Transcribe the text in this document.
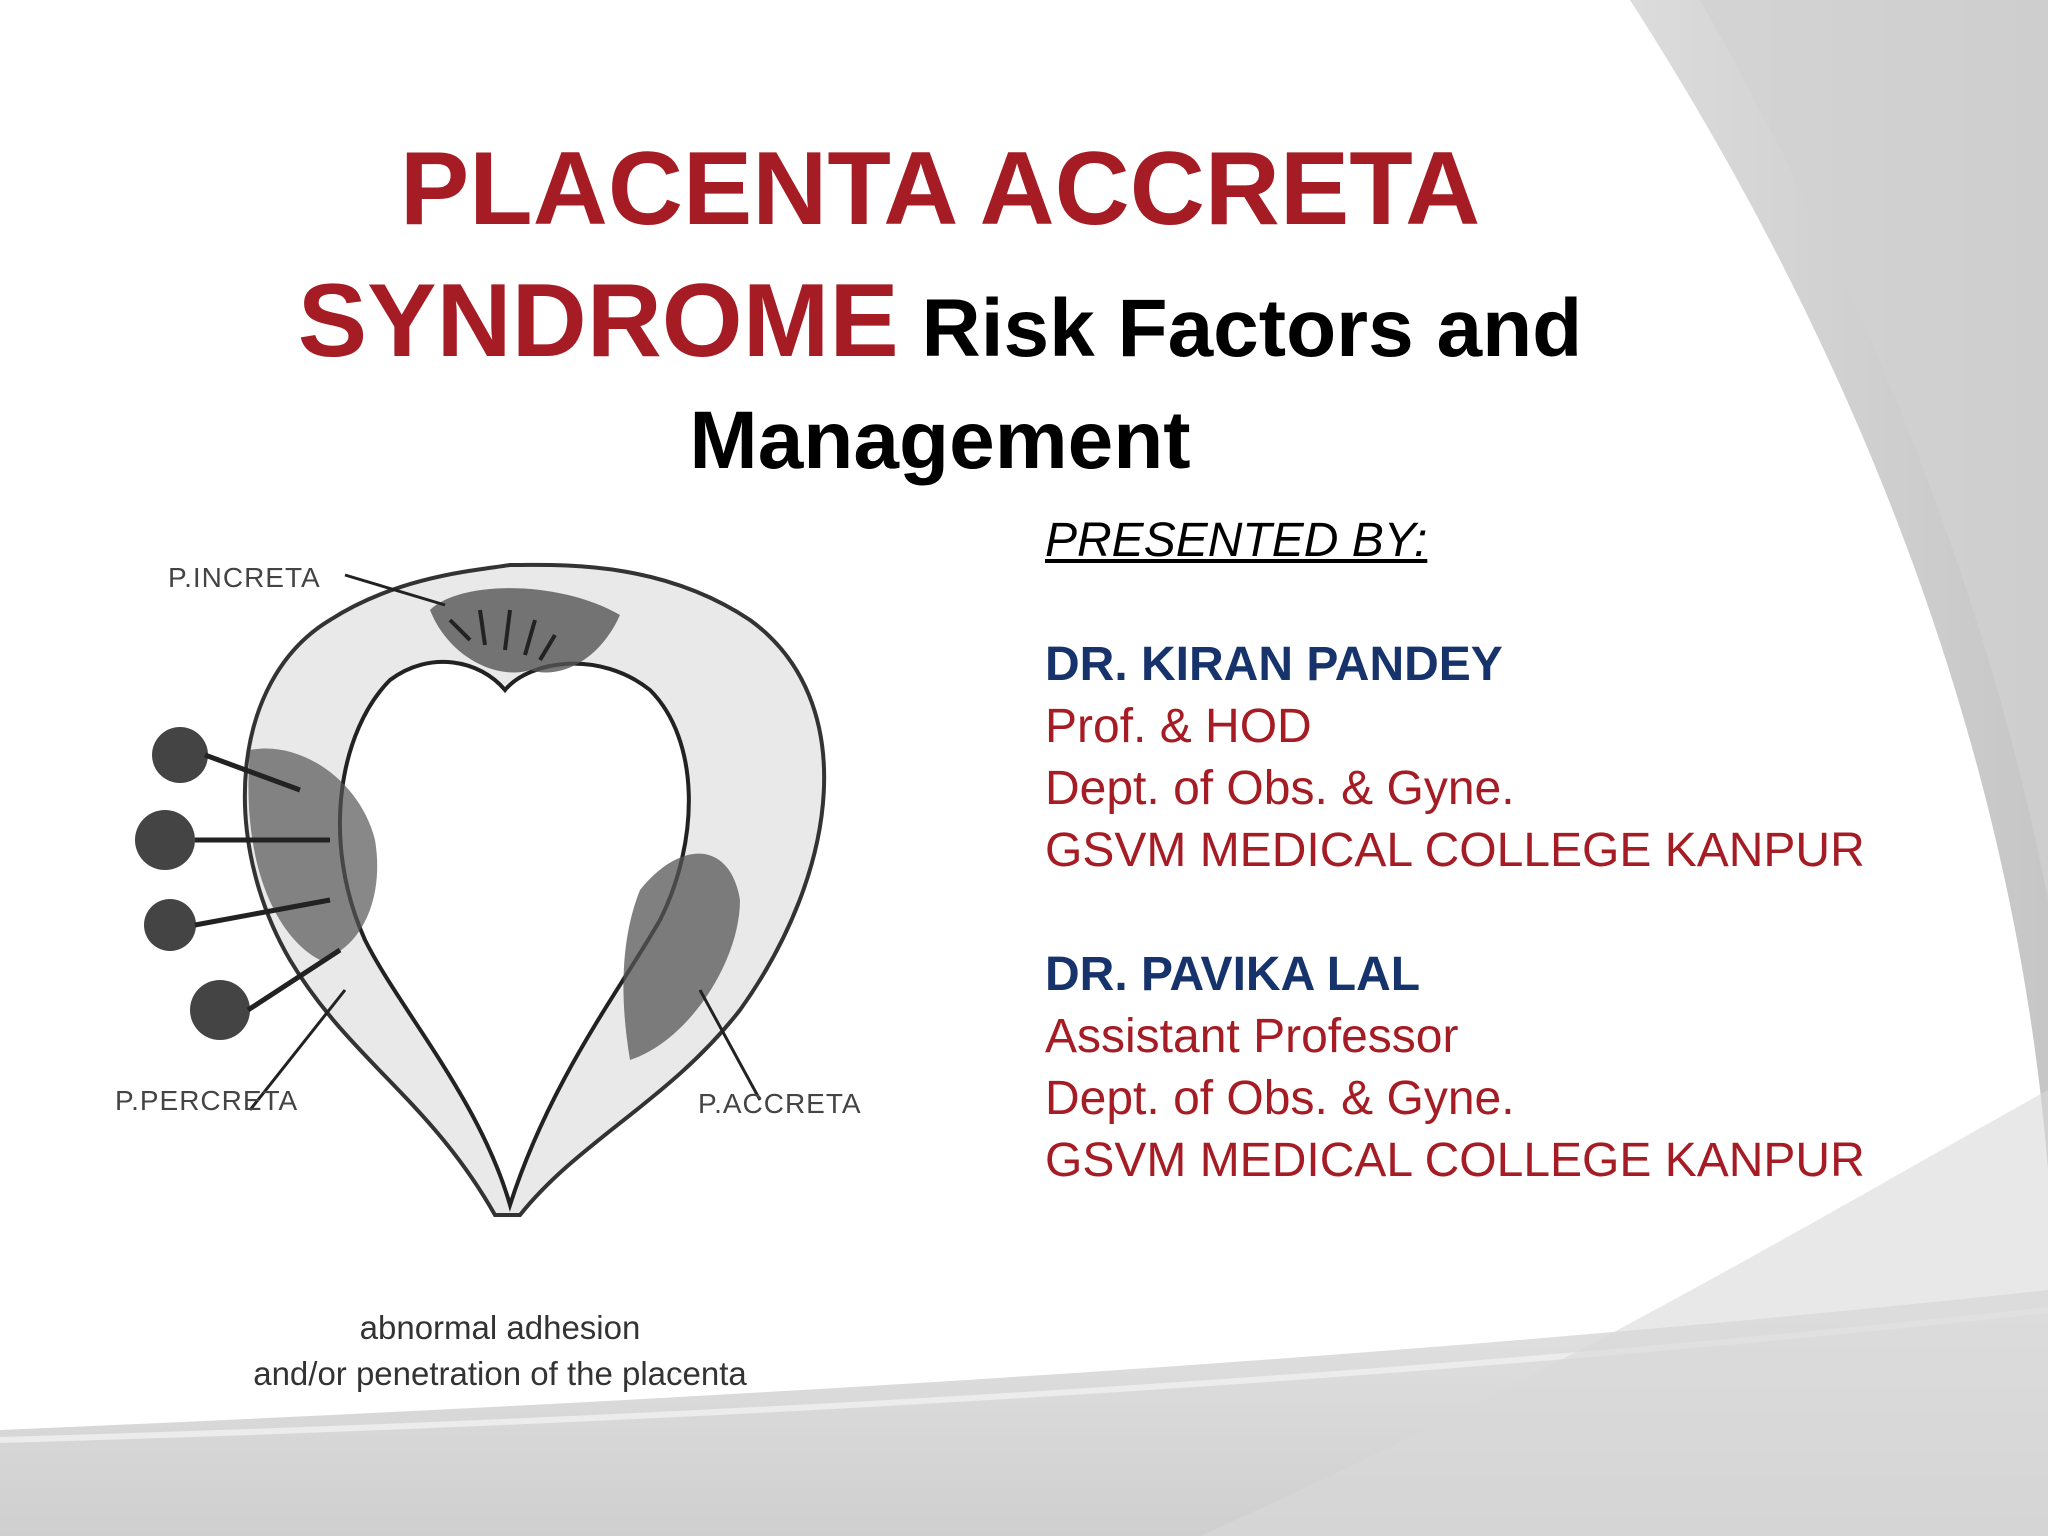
PLACENTA ACCRETA
SYNDROME Risk Factors and
Management
P.INCRETA
P.PERCRETA	P.ACCRETA
abnormal adhesion
and/or penetration of the placenta
PRESENTED BY:
DR. KIRAN PANDEY
Prof. & HOD
Dept. of Obs. & Gyne.
GSVM MEDICAL COLLEGE KANPUR
DR. PAVIKA LAL
Assistant Professor
Dept. of Obs. & Gyne.
GSVM MEDICAL COLLEGE KANPUR
